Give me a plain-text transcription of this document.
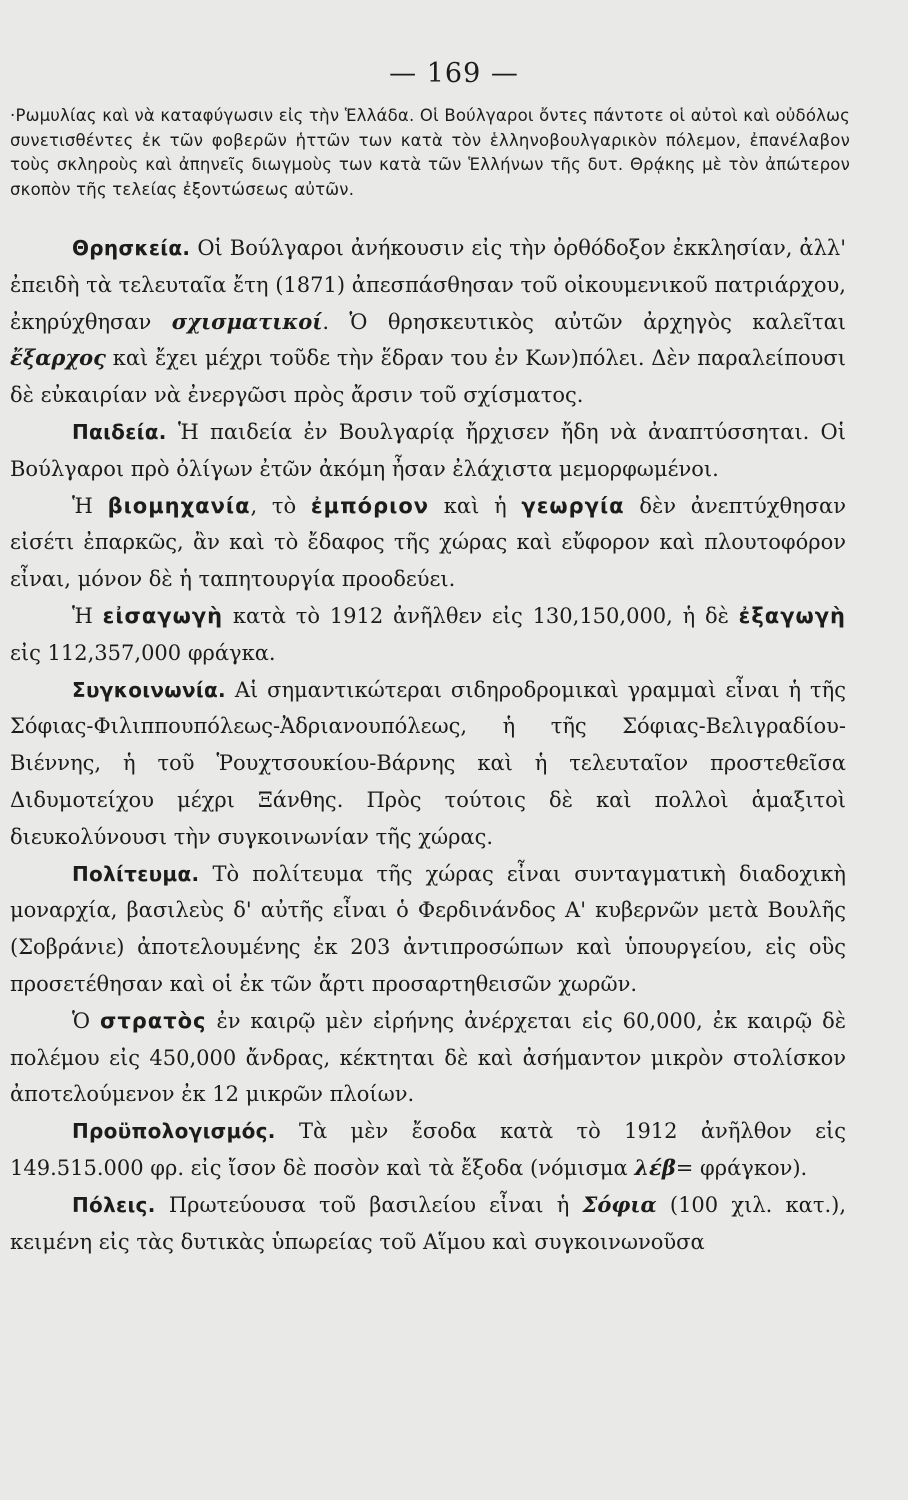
— 169 —

·Ρωμυλίας καὶ νὰ καταφύγωσιν εἰς τὴν Ἑλλάδα. Οἱ Βούλγαροι ὄντες πάντοτε οἱ αὐτοὶ καὶ οὐδόλως συνετισθέντες ἐκ τῶν φοβερῶν ἡττῶν των κατὰ τὸν ἑλληνοβουλγαρικὸν πόλεμον, ἐπανέλαβον τοὺς σκληροὺς καὶ ἀπηνεῖς διωγμοὺς των κατὰ τῶν Ἑλλήνων τῆς δυτ. Θρᾴκης μὲ τὸν ἀπώτερον σκοπὸν τῆς τελείας ἐξοντώσεως αὐτῶν.

Θρησκεία. Οἱ Βούλγαροι ἀνήκουσιν εἰς τὴν ὀρθόδοξον ἐκκλησίαν, ἀλλ' ἐπειδὴ τὰ τελευταῖα ἔτη (1871) ἀπεσπάσθησαν τοῦ οἰκουμενικοῦ πατριάρχου, ἐκηρύχθησαν σχισματικοί. Ὁ θρησκευτικὸς αὐτῶν ἀρχηγὸς καλεῖται ἔξαρχος καὶ ἔχει μέχρι τοῦδε τὴν ἕδραν του ἐν Κων)πόλει. Δὲν παραλείπουσι δὲ εὐκαιρίαν νὰ ἐνεργῶσι πρὸς ἄρσιν τοῦ σχίσματος.

Παιδεία. Ἡ παιδεία ἐν Βουλγαρίᾳ ἤρχισεν ἤδη νὰ ἀναπτύσσηται. Οἱ Βούλγαροι πρὸ ὀλίγων ἐτῶν ἀκόμη ἦσαν ἐλάχιστα μεμορφωμένοι.

Ἡ βιομηχανία, τὸ ἐμπόριον καὶ ἡ γεωργία δὲν ἀνεπτύχθησαν εἰσέτι ἐπαρκῶς, ἂν καὶ τὸ ἔδαφος τῆς χώρας καὶ εὔφορον καὶ πλουτοφόρον εἶναι, μόνον δὲ ἡ ταπητουργία προοδεύει.

Ἡ εἰσαγωγὴ κατὰ τὸ 1912 ἀνῆλθεν εἰς 130,150,000, ἡ δὲ ἐξαγωγὴ εἰς 112,357,000 φράγκα.

Συγκοινωνία. Αἱ σημαντικώτεραι σιδηροδρομικαὶ γραμμαὶ εἶναι ἡ τῆς Σόφιας-Φιλιππουπόλεως-Ἀδριανουπόλεως, ἡ τῆς Σόφιας-Βελιγραδίου-Βιέννης, ἡ τοῦ Ῥουχτσουκίου-Βάρνης καὶ ἡ τελευταῖον προστεθεῖσα Διδυμοτείχου μέχρι Ξάνθης. Πρὸς τούτοις δὲ καὶ πολλοὶ ἁμαξιτοὶ διευκολύνουσι τὴν συγκοινωνίαν τῆς χώρας.

Πολίτευμα. Τὸ πολίτευμα τῆς χώρας εἶναι συνταγματικὴ διαδοχικὴ μοναρχία, βασιλεὺς δ' αὐτῆς εἶναι ὁ Φερδινάνδος Α' κυβερνῶν μετὰ Βουλῆς (Σοβράνιε) ἀποτελουμένης ἐκ 203 ἀντιπροσώπων καὶ ὑπουργείου, εἰς οὓς προσετέθησαν καὶ οἱ ἐκ τῶν ἄρτι προσαρτηθεισῶν χωρῶν.

Ὁ στρατὸς ἐν καιρῷ μὲν εἰρήνης ἀνέρχεται εἰς 60,000, ἐκ καιρῷ δὲ πολέμου εἰς 450,000 ἄνδρας, κέκτηται δὲ καὶ ἀσήμαντον μικρὸν στολίσκον ἀποτελούμενον ἐκ 12 μικρῶν πλοίων.

Προϋπολογισμός. Τὰ μὲν ἔσοδα κατὰ τὸ 1912 ἀνῆλθον εἰς 149.515.000 φρ. εἰς ἴσον δὲ ποσὸν καὶ τὰ ἔξοδα (νόμισμα λέβ= φράγκον).

Πόλεις. Πρωτεύουσα τοῦ βασιλείου εἶναι ἡ Σόφια (100 χιλ. κατ.), κειμένη εἰς τὰς δυτικὰς ὑπωρείας τοῦ Αἵμου καὶ συγκοινωνοῦσα
